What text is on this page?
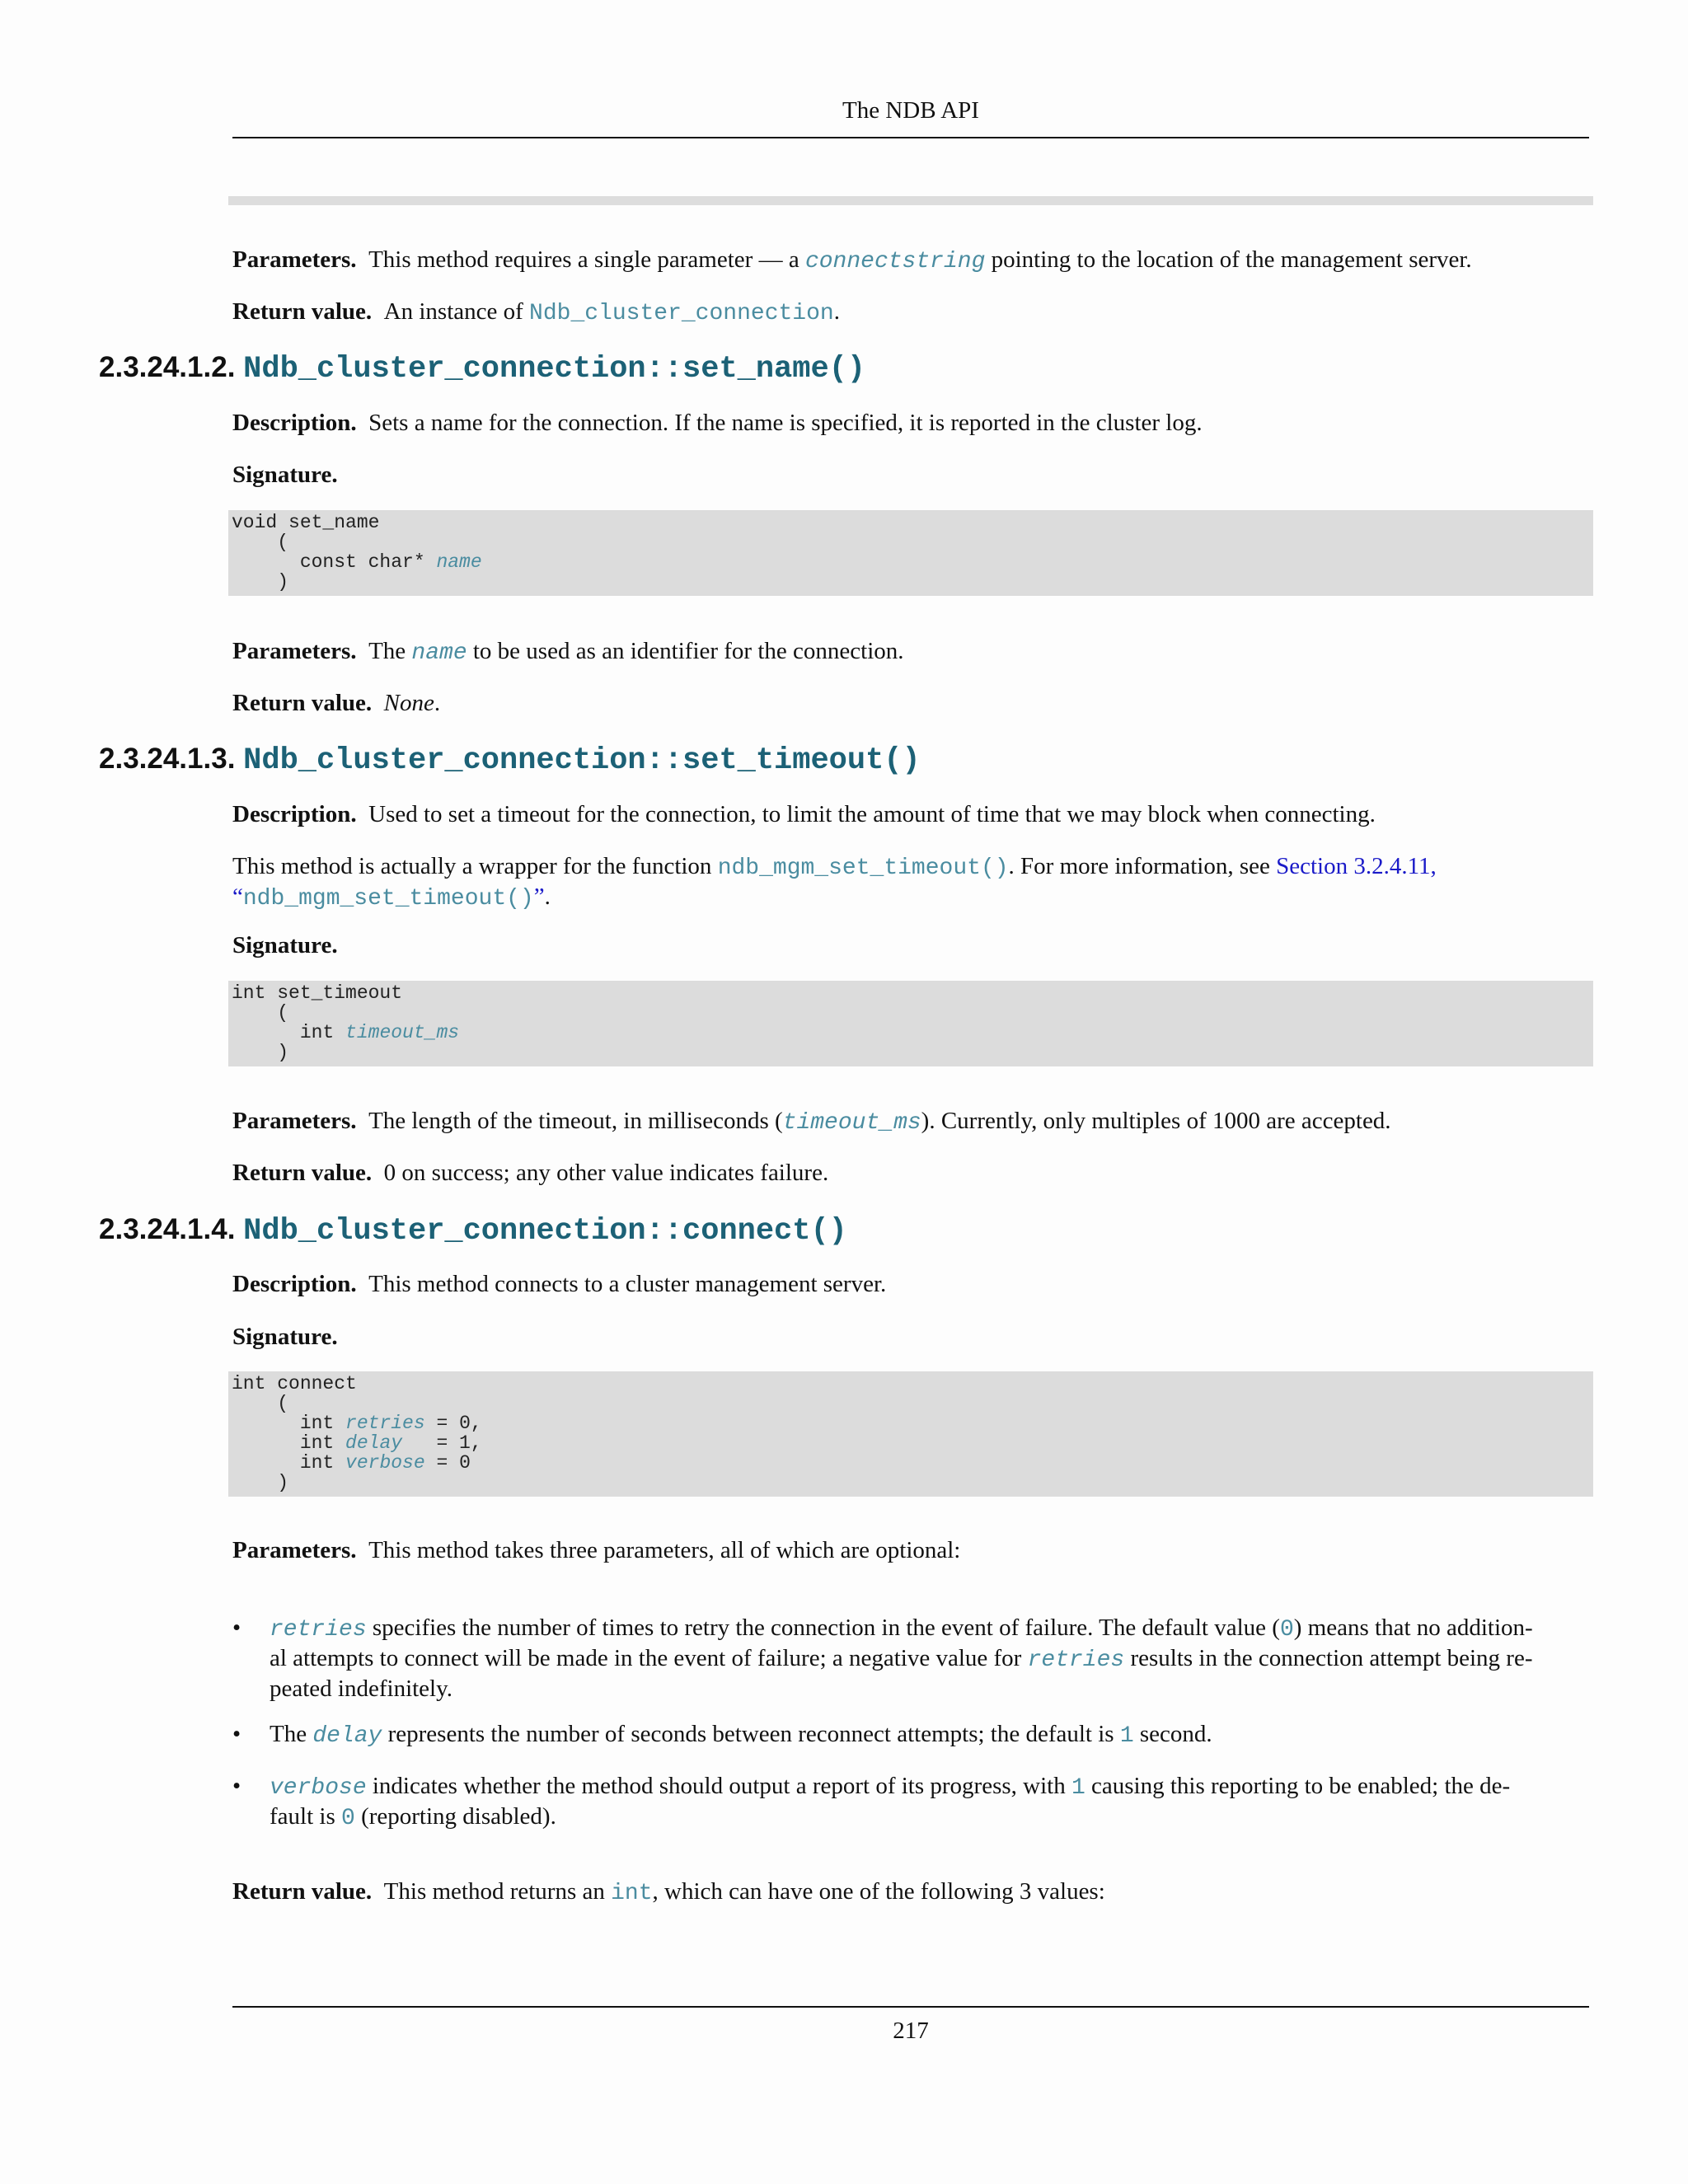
The NDB API
Parameters. This method requires a single parameter — a connectstring pointing to the location of the management server.
Return value. An instance of Ndb_cluster_connection.
2.3.24.1.2. Ndb_cluster_connection::set_name()
Description. Sets a name for the connection. If the name is specified, it is reported in the cluster log.
Signature.
void set_name
(
const char* name
)
Parameters. The name to be used as an identifier for the connection.
Return value. None.
2.3.24.1.3. Ndb_cluster_connection::set_timeout()
Description. Used to set a timeout for the connection, to limit the amount of time that we may block when connecting.
This method is actually a wrapper for the function ndb_mgm_set_timeout(). For more information, see Section 3.2.4.11,
“ndb_mgm_set_timeout()”.
Signature.
int set_timeout
(
int timeout_ms
)
Parameters. The length of the timeout, in milliseconds (timeout_ms). Currently, only multiples of 1000 are accepted.
Return value. 0 on success; any other value indicates failure.
2.3.24.1.4. Ndb_cluster_connection::connect()
Description. This method connects to a cluster management server.
Signature.
int connect
(
int retries = 0,
int delay   = 1,
int verbose = 0
)
Parameters. This method takes three parameters, all of which are optional:
• retries specifies the number of times to retry the connection in the event of failure. The default value (0) means that no addition-
al attempts to connect will be made in the event of failure; a negative value for retries results in the connection attempt being re-
peated indefinitely.
• The delay represents the number of seconds between reconnect attempts; the default is 1 second.
• verbose indicates whether the method should output a report of its progress, with 1 causing this reporting to be enabled; the de-
fault is 0 (reporting disabled).
Return value. This method returns an int, which can have one of the following 3 values:
217
